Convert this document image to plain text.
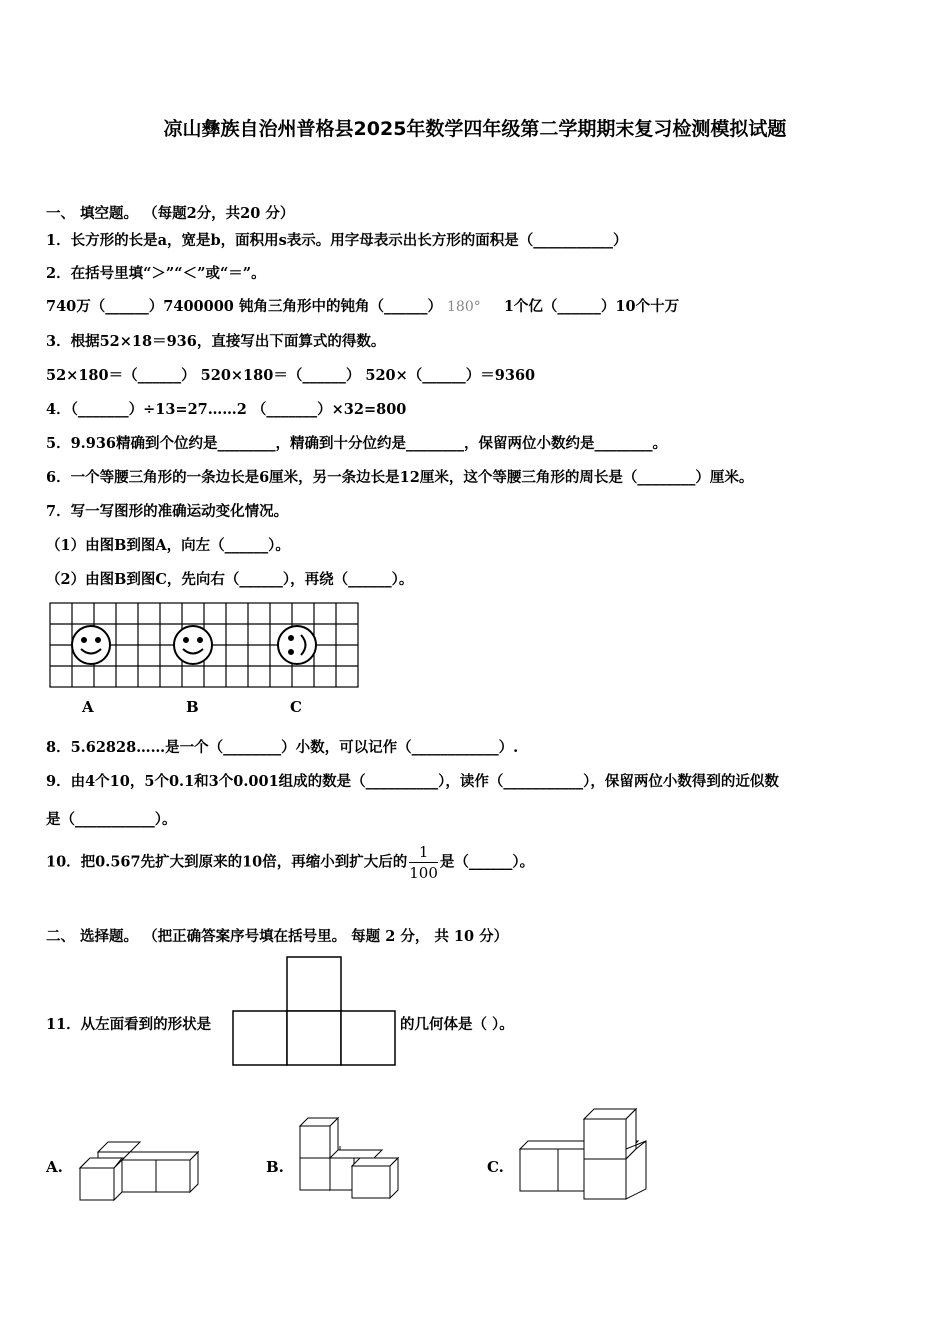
凉山彝族自治州普格县2025年数学四年级第二学期期末复习检测模拟试题
一、 填空题。 （每题2分，共20 分）
1．长方形的长是a，宽是b，面积用s表示。用字母表示出长方形的面积是（___________）
2．在括号里填“＞”“＜”或“＝”。
740万（______）7400000 钝角三角形中的钝角（______） 180° 1个亿（______）10个十万
3．根据52×18＝936，直接写出下面算式的得数。
52×180＝（______） 520×180＝（______） 520×（______）＝9360
4．（_______）÷13=27……2 （_______）×32=800
5．9.936精确到个位约是________，精确到十分位约是________，保留两位小数约是________。
6．一个等腰三角形的一条边长是6厘米，另一条边长是12厘米，这个等腰三角形的周长是（________）厘米。
7．写一写图形的准确运动变化情况。
（1）由图B到图A，向左（______）。
（2）由图B到图C，先向右（______），再绕（______）。
A	B	C
8．5.62828……是一个（________）小数，可以记作（____________）.
9．由4个10，5个0.1和3个0.001组成的数是（__________），读作（___________），保留两位小数得到的近似数
是（___________）。
10．把0.567先扩大到原来的10倍，再缩小到扩大后的 $\frac{1}{100}$ 是（______）。
二、 选择题。 （把正确答案序号填在括号里。 每题 2 分， 共 10 分）
11．从左面看到的形状是	的几何体是（ ）。
A.	B.	C.
